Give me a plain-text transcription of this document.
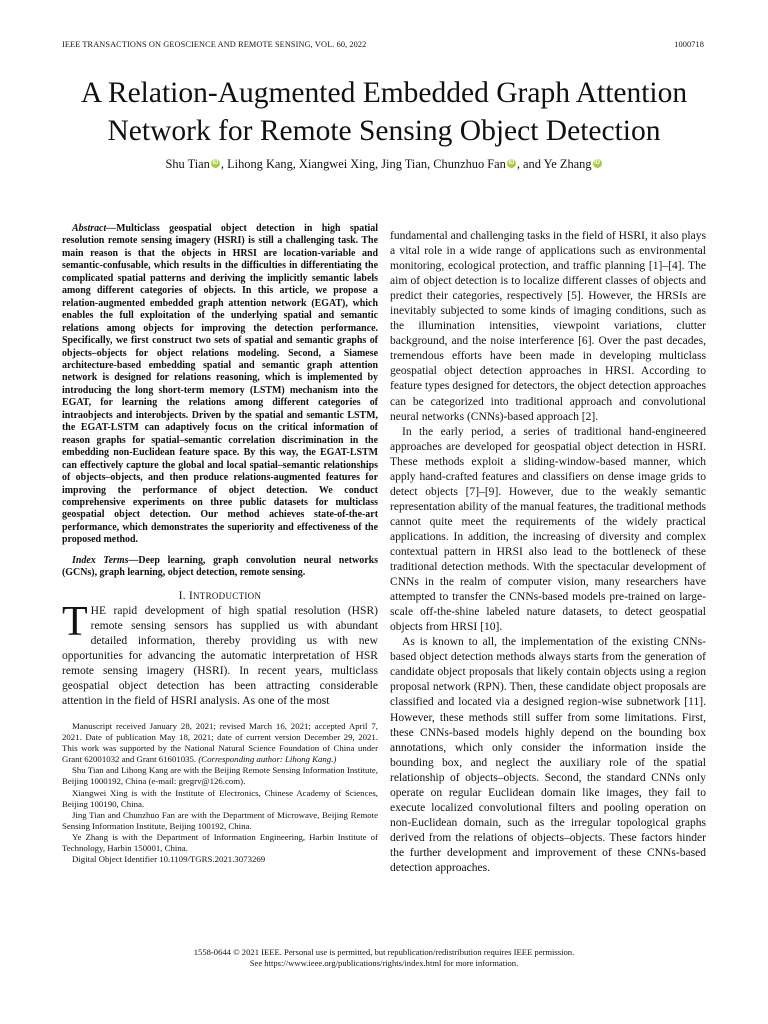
IEEE TRANSACTIONS ON GEOSCIENCE AND REMOTE SENSING, VOL. 60, 2022	1000718
A Relation-Augmented Embedded Graph Attention
Network for Remote Sensing Object Detection
Shu Tian iD , Lihong Kang, Xiangwei Xing, Jing Tian, Chunzhuo Fan iD , and Ye Zhang iD

Abstract—Multiclass geospatial object detection in high spatial resolution remote sensing imagery (HSRI) is still a challenging task. The main reason is that the objects in HRSI are location-variable and semantic-confusable, which results in the difficulties in differentiating the complicated spatial patterns and deriving the implicitly semantic labels among different categories of objects. In this article, we propose a relation-augmented embedded graph attention network (EGAT), which enables the full exploitation of the underlying spatial and semantic relations among objects for improving the detection performance. Specifically, we first construct two sets of spatial and semantic graphs of objects–objects for object relations modeling. Second, a Siamese architecture-based embedding spatial and semantic graph attention network is designed for relations reasoning, which is implemented by introducing the long short-term memory (LSTM) mechanism into the EGAT, for learning the relations among different categories of intraobjects and interobjects. Driven by the spatial and semantic LSTM, the EGAT-LSTM can adaptively focus on the critical information of reason graphs for spatial–semantic correlation discrimination in the embedding non-Euclidean feature space. By this way, the EGAT-LSTM can effectively capture the global and local spatial–semantic relationships of objects–objects, and then produce relations-augmented features for improving the performance of object detection. We conduct comprehensive experiments on three public datasets for multiclass geospatial object detection. Our method achieves state-of-the-art performance, which demonstrates the superiority and effectiveness of the proposed method.

Index Terms—Deep learning, graph convolution neural networks (GCNs), graph learning, object detection, remote sensing.

I. INTRODUCTION

THE rapid development of high spatial resolution (HSR) remote sensing sensors has supplied us with abundant detailed information, thereby providing us with new opportunities for advancing the automatic interpretation of HSR remote sensing imagery (HSRI). In recent years, multiclass geospatial object detection has been attracting considerable attention in the field of HSRI analysis. As one of the most

Manuscript received January 28, 2021; revised March 16, 2021; accepted April 7, 2021. Date of publication May 18, 2021; date of current version December 29, 2021. This work was supported by the National Natural Science Foundation of China under Grant 62001032 and Grant 61601035. (Corresponding author: Lihong Kang.)

Shu Tian and Lihong Kang are with the Beijing Remote Sensing Information Institute, Beijing 1000192, China (e-mail: gregrv@126.com).

Xiangwei Xing is with the Institute of Electronics, Chinese Academy of Sciences, Beijing 100190, China.

Jing Tian and Chunzhuo Fan are with the Department of Microwave, Beijing Remote Sensing Information Institute, Beijing 100192, China.

Ye Zhang is with the Department of Information Engineering, Harbin Institute of Technology, Harbin 150001, China.

Digital Object Identifier 10.1109/TGRS.2021.3073269

fundamental and challenging tasks in the field of HSRI, it also plays a vital role in a wide range of applications such as environmental monitoring, ecological protection, and traffic planning [1]–[4]. The aim of object detection is to localize different classes of objects and predict their categories, respectively [5]. However, the HRSIs are inevitably subjected to some kinds of imaging conditions, such as the illumination intensities, viewpoint variations, clutter background, and the noise interference [6]. Over the past decades, tremendous efforts have been made in developing multiclass geospatial object detection approaches in HRSI. According to feature types designed for detectors, the object detection approaches can be categorized into traditional approach and convolutional neural networks (CNNs)-based approach [2].

In the early period, a series of traditional hand-engineered approaches are developed for geospatial object detection in HSRI. These methods exploit a sliding-window-based manner, which apply hand-crafted features and classifiers on dense image grids to detect objects [7]–[9]. However, due to the weakly semantic representation ability of the manual features, the traditional methods cannot quite meet the requirements of the widely practical applications. In addition, the increasing of diversity and complex contextual pattern in HRSI also lead to the bottleneck of these traditional detection methods. With the spectacular development of CNNs in the realm of computer vision, many researchers have attempted to transfer the CNNs-based models pre-trained on large-scale off-the-shine labeled nature datasets, to detect geospatial objects from HRSI [10].

As is known to all, the implementation of the existing CNNs-based object detection methods always starts from the generation of candidate object proposals that likely contain objects using a region proposal network (RPN). Then, these candidate object proposals are classified and located via a designed region-wise subnetwork [11]. However, these methods still suffer from some limitations. First, these CNNs-based models highly depend on the bounding box annotations, which only consider the information inside the bounding box, and neglect the auxiliary role of the spatial relationship of objects–objects. Second, the standard CNNs only operate on regular Euclidean domain like images, they fail to execute localized convolutional filters and pooling operation on non-Euclidean domain, such as the irregular topological graphs derived from the relations of objects–objects. These factors hinder the further development and improvement of these CNNs-based detection approaches.

1558-0644 © 2021 IEEE. Personal use is permitted, but republication/redistribution requires IEEE permission.
See https://www.ieee.org/publications/rights/index.html for more information.
